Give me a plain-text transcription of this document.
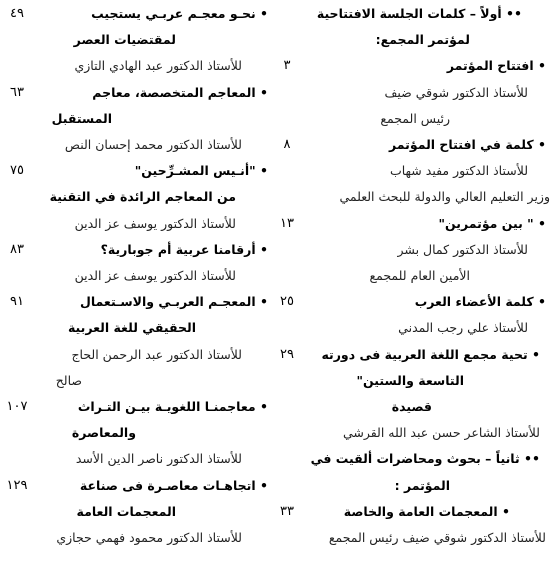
•• أولاً – كلمات الجلسة الافتتاحية
لمؤتمر المجمع:
• افتتاح المؤتمر
٣
للأستاذ الدكتور شوقي ضيف
رئيس المجمع
• كلمة في افتتاح المؤتمر
٨
للأستاذ الدكتور مفيد شهاب
وزير التعليم العالي والدولة للبحث العلمي
• " بين مؤتمرين"
١٣
للأستاذ الدكتور كمال بشر
الأمين العام للمجمع
• كلمة الأعضاء العرب
٢٥
للأستاذ علي رجب المدني
• تحية مجمع اللغة العربية فى دورته
٢٩
التاسعة والستين"
قصيدة
للأستاذ الشاعر حسن عبد الله القرشي
•• ثانياً – بحوث ومحاضرات ألقيت في
المؤتمر :
• المعجمات العامة والخاصة
٣٣
للأستاذ الدكتور شوقي ضيف رئيس المجمع
• نحـو معجـم عربـي يستجيب
٤٩
لمقتضيات العصر
للأستاذ الدكتور عبد الهادي التازي
• المعاجم المتخصصة، معاجم
٦٣
المستقبل
للأستاذ الدكتور محمد إحسان النص
• "أنـيس المشـرِّحين"
٧٥
من المعاجم الرائدة في التقنية
للأستاذ الدكتور يوسف عز الدين
• أرقامنا عربية أم جوبارية؟
٨٣
للأستاذ الدكتور يوسف عز الدين
• المعجـم العربـي والاسـتعمال
٩١
الحقيقي للغة العربية
للأستاذ الدكتور عبد الرحمن الحاج
صالح
• معاجمنـا اللغويـة بيـن التـراث
١٠٧
والمعاصرة
للأستاذ الدكتور ناصر الدين الأسد
• اتجاهـات معاصـرة فى صناعة
١٢٩
المعجمات العامة
للأستاذ الدكتور محمود فهمي حجازي
